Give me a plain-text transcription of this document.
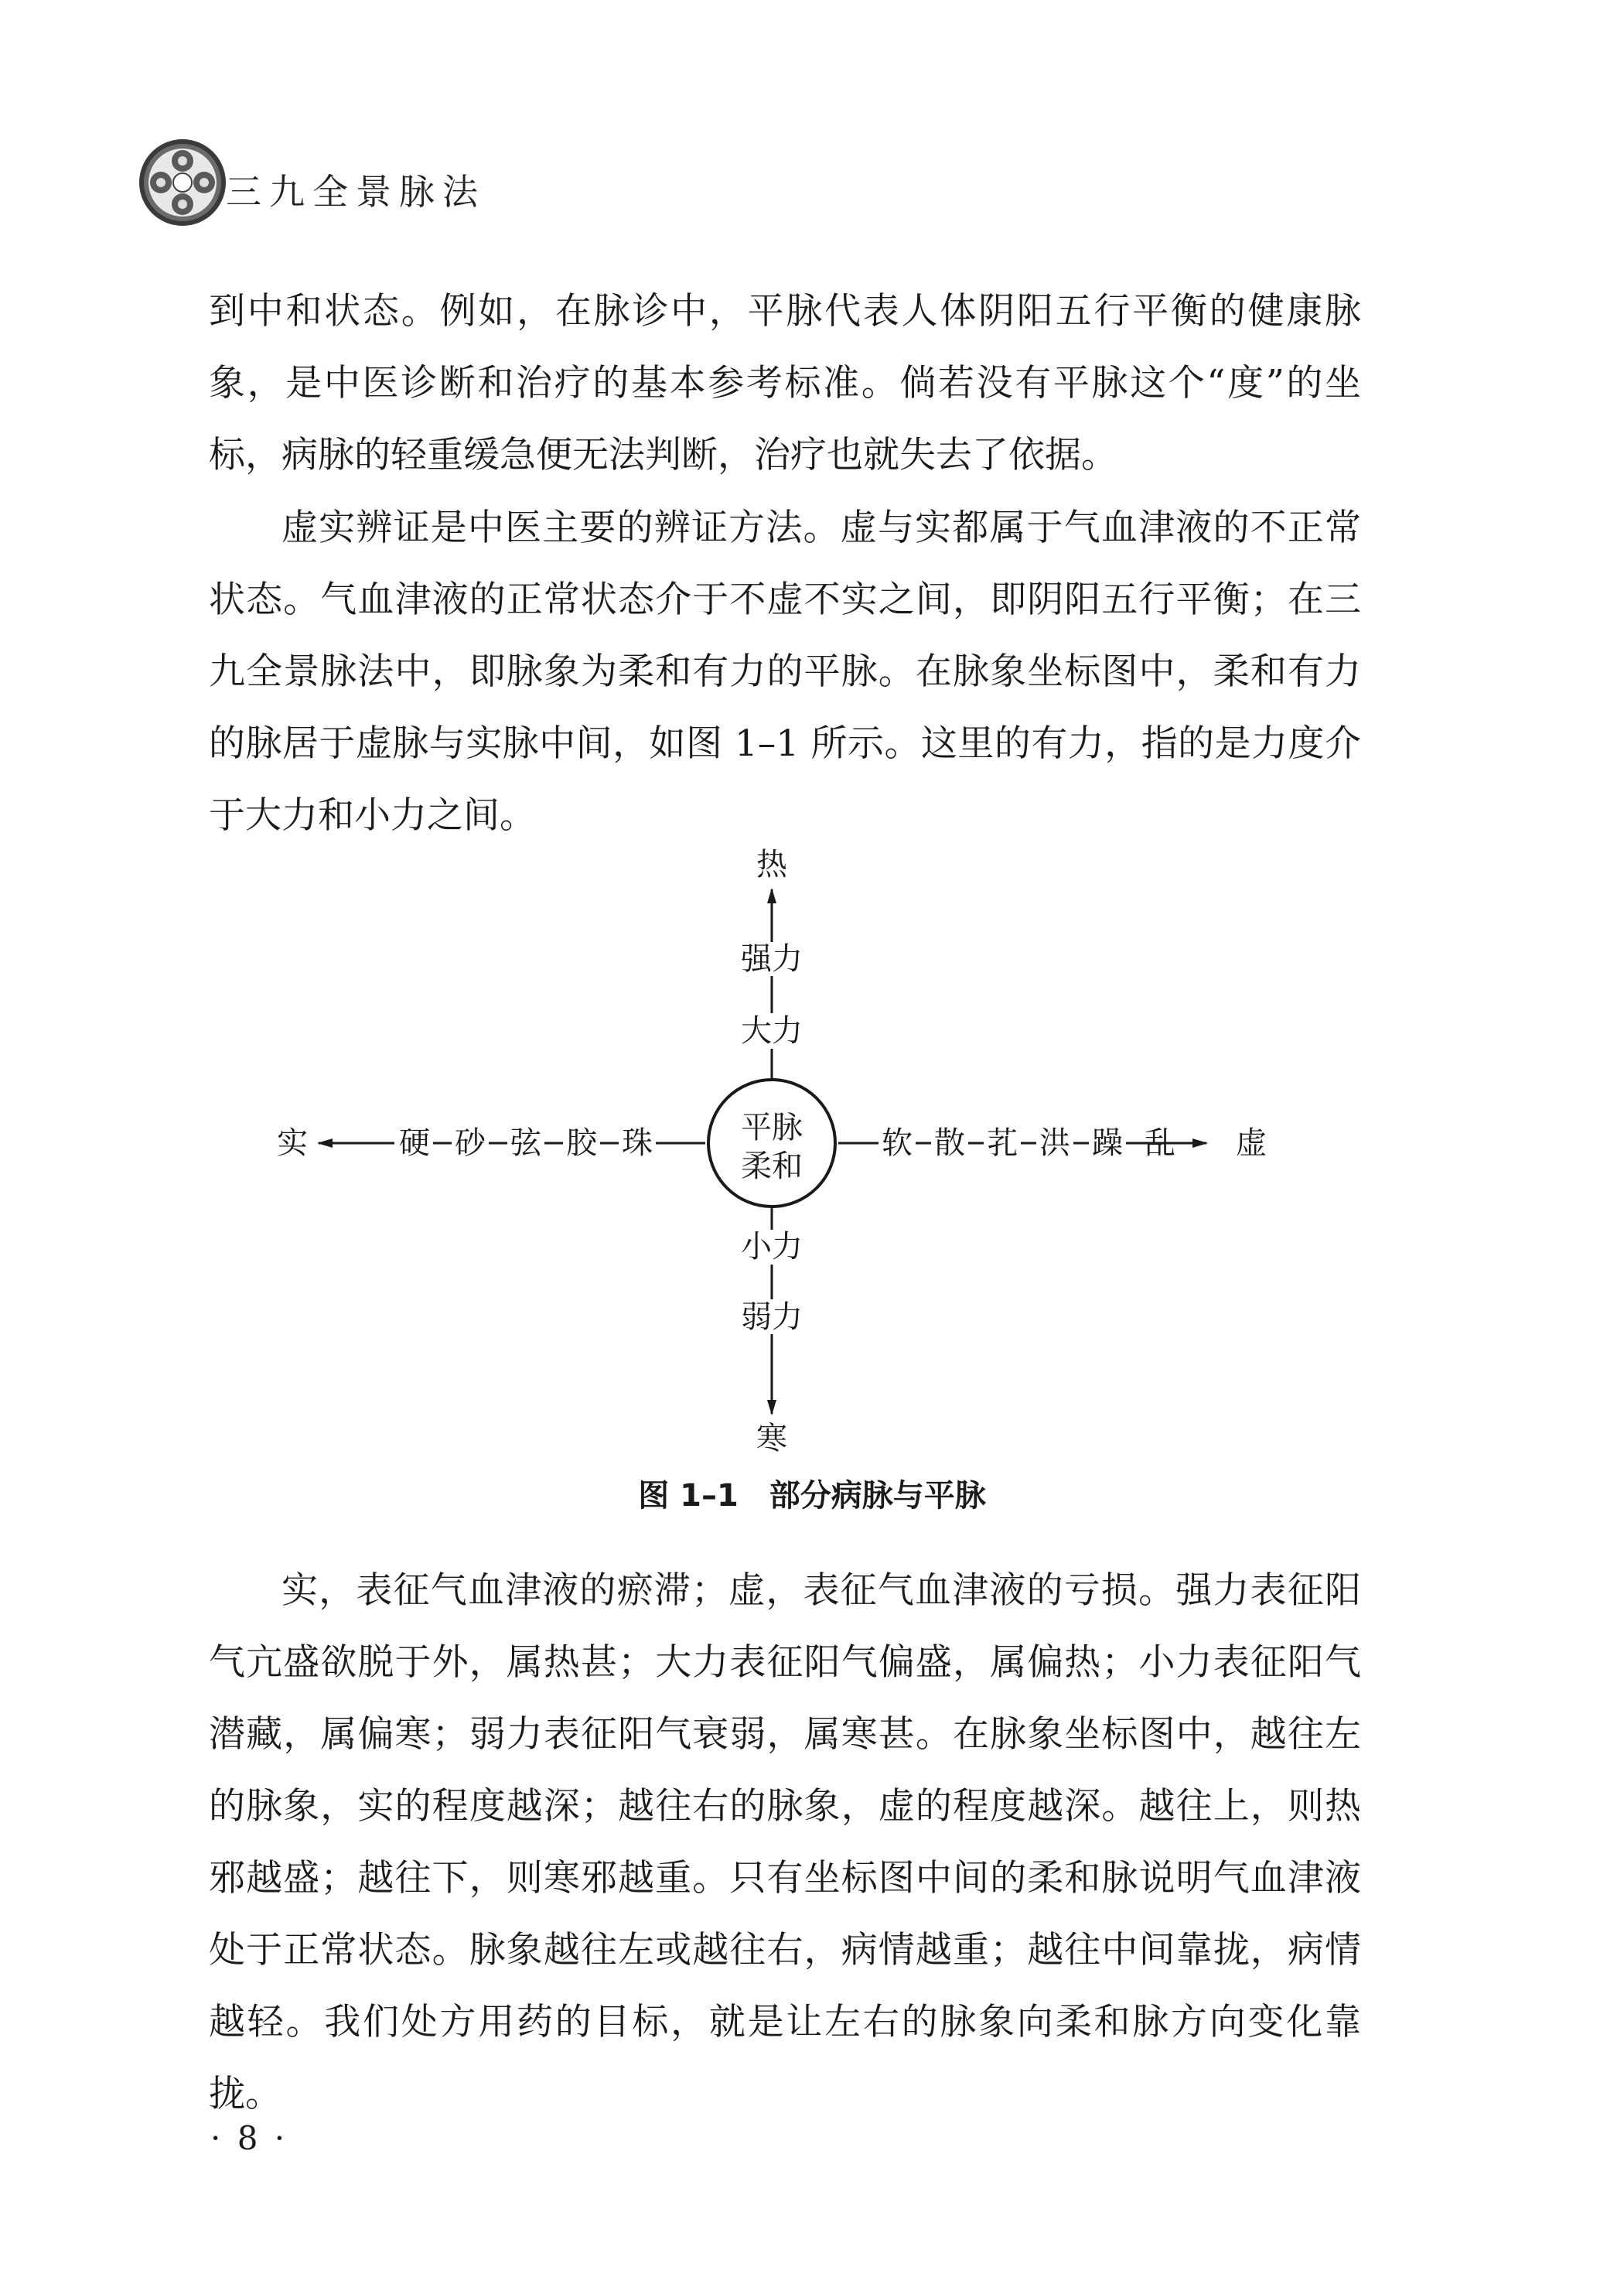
三九全景脉法

到中和状态。例如，在脉诊中，平脉代表人体阴阳五行平衡的健康脉象，是中医诊断和治疗的基本参考标准。倘若没有平脉这个“度”的坐标，病脉的轻重缓急便无法判断，治疗也就失去了依据。

虚实辨证是中医主要的辨证方法。虚与实都属于气血津液的不正常状态。气血津液的正常状态介于不虚不实之间，即阴阳五行平衡；在三九全景脉法中，即脉象为柔和有力的平脉。在脉象坐标图中，柔和有力的脉居于虚脉与实脉中间，如图 1–1 所示。这里的有力，指的是力度介于大力和小力之间。

平脉
柔和
热
强力
大力
小力
弱力
寒
实	硬 砂 弦 胶 珠	软 散 芤 洪 躁 乱 虚
图 1–1 部分病脉与平脉

实，表征气血津液的瘀滞；虚，表征气血津液的亏损。强力表征阳气亢盛欲脱于外，属热甚；大力表征阳气偏盛，属偏热；小力表征阳气潜藏，属偏寒；弱力表征阳气衰弱，属寒甚。在脉象坐标图中，越往左的脉象，实的程度越深；越往右的脉象，虚的程度越深。越往上，则热邪越盛；越往下，则寒邪越重。只有坐标图中间的柔和脉说明气血津液处于正常状态。脉象越往左或越往右，病情越重；越往中间靠拢，病情越轻。我们处方用药的目标，就是让左右的脉象向柔和脉方向变化靠拢。

· 8 ·
